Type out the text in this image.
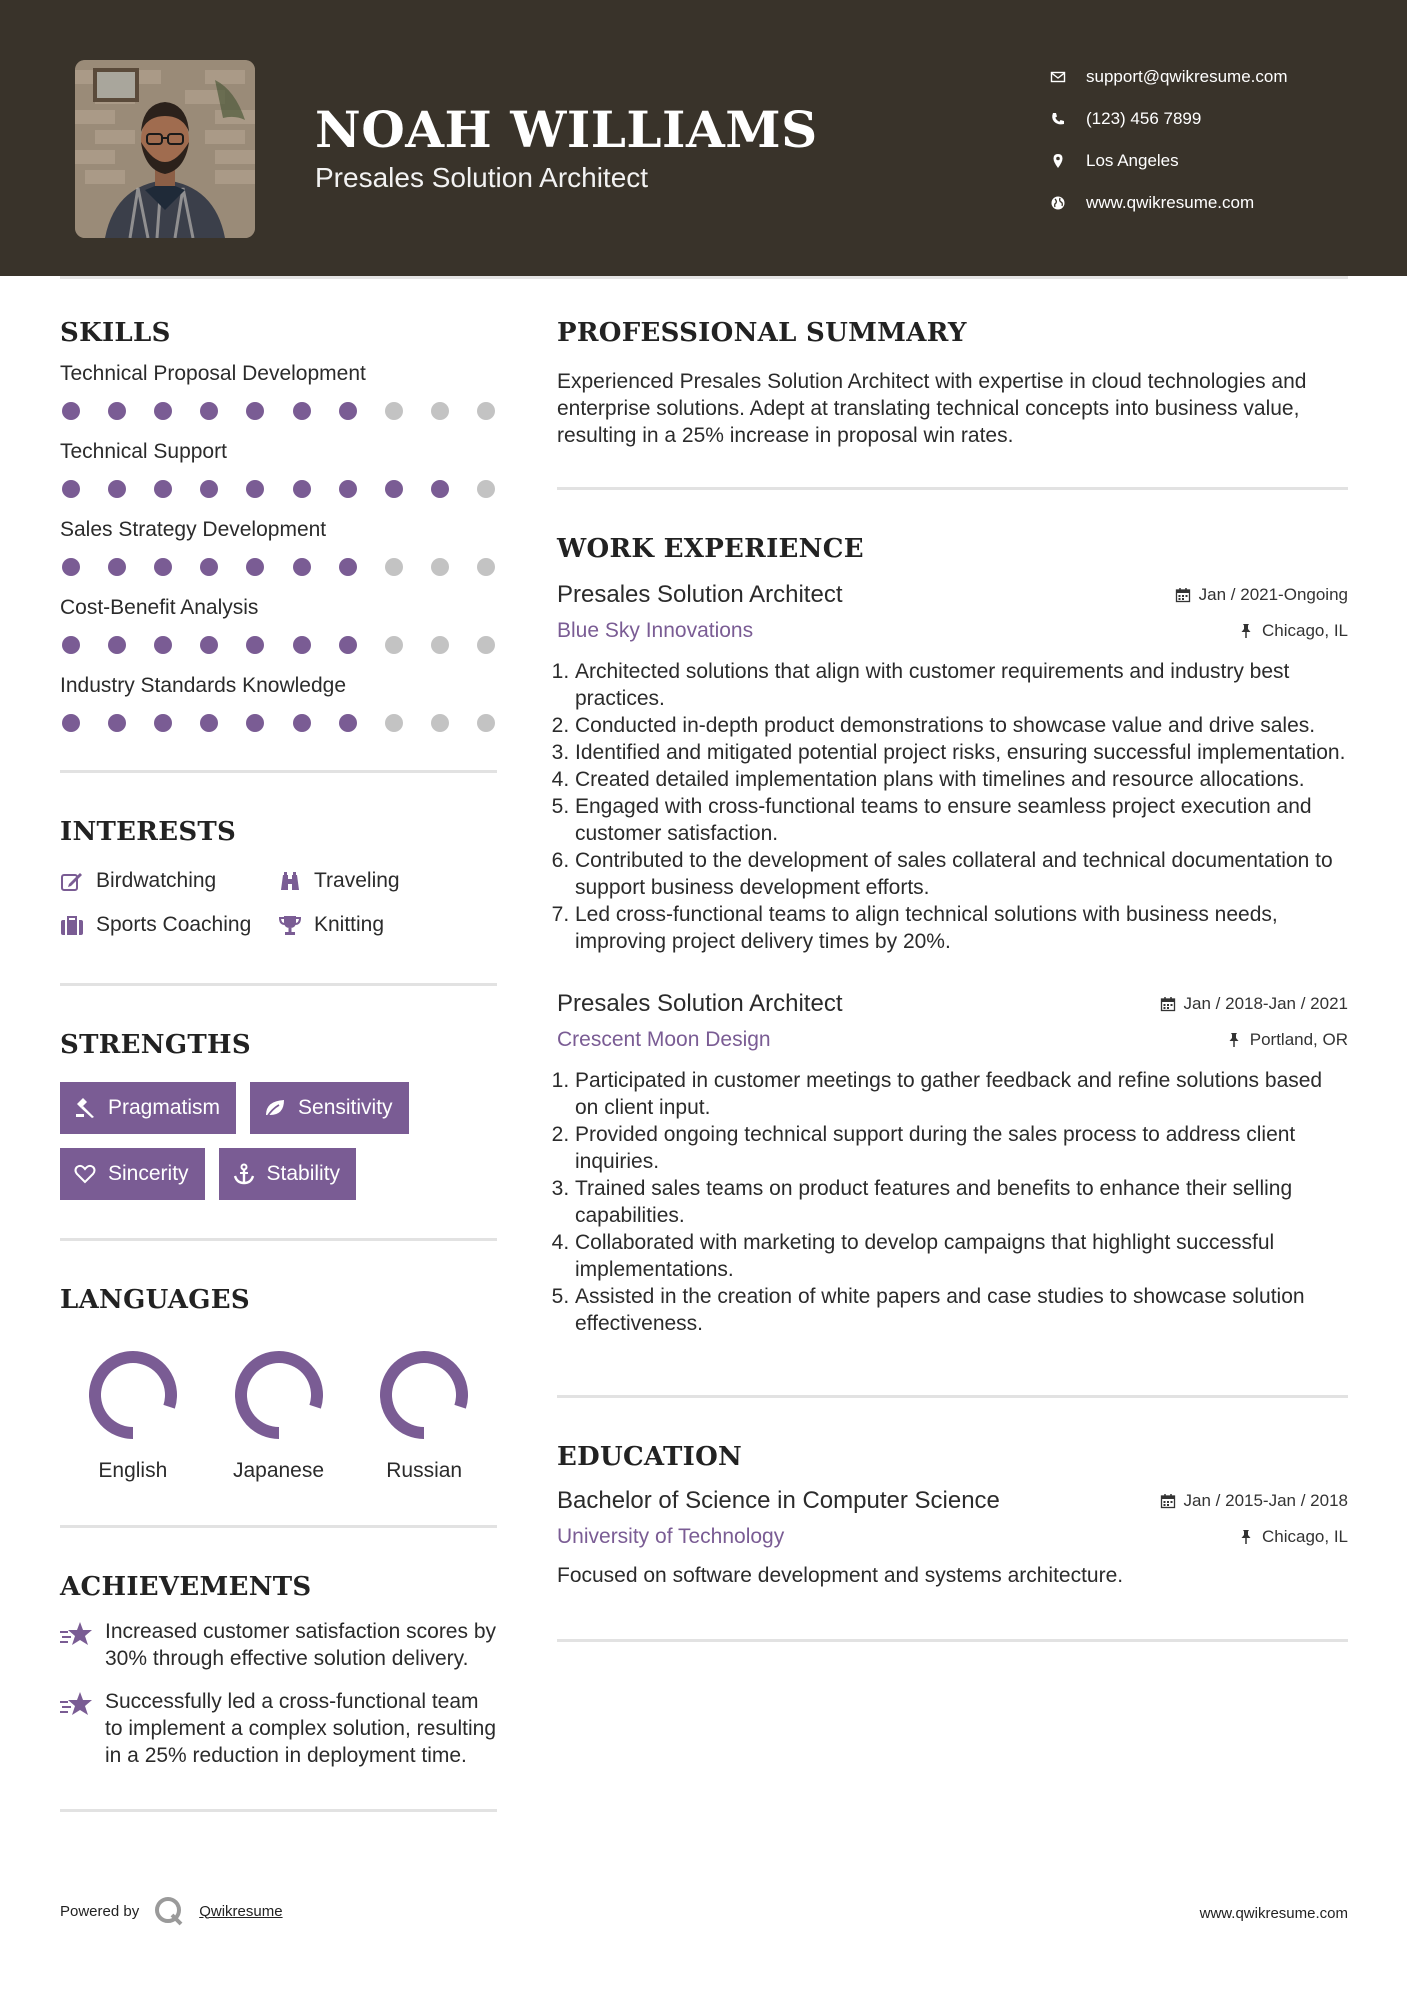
NOAH WILLIAMS
Presales Solution Architect
support@qwikresume.com
(123) 456 7899
Los Angeles
www.qwikresume.com
SKILLS
Technical Proposal Development
Technical Support
Sales Strategy Development
Cost-Benefit Analysis
Industry Standards Knowledge
INTERESTS
Birdwatching	Traveling
Sports Coaching	Knitting
STRENGTHS
Pragmatism	Sensitivity
Sincerity	Stability
LANGUAGES
English	Japanese	Russian
ACHIEVEMENTS
Increased customer satisfaction scores by 30% through effective solution delivery.
Successfully led a cross-functional team to implement a complex solution, resulting in a 25% reduction in deployment time.
PROFESSIONAL SUMMARY

Experienced Presales Solution Architect with expertise in cloud technologies and enterprise solutions. Adept at translating technical concepts into business value, resulting in a 25% increase in proposal win rates.

WORK EXPERIENCE
Presales Solution Architect	Jan / 2021-Ongoing
Blue Sky Innovations	Chicago, IL
1. Architected solutions that align with customer requirements and industry best practices.
2. Conducted in-depth product demonstrations to showcase value and drive sales.
3. Identified and mitigated potential project risks, ensuring successful implementation.
4. Created detailed implementation plans with timelines and resource allocations.
5. Engaged with cross-functional teams to ensure seamless project execution and customer satisfaction.
6. Contributed to the development of sales collateral and technical documentation to support business development efforts.
7. Led cross-functional teams to align technical solutions with business needs, improving project delivery times by 20%.
Presales Solution Architect	Jan / 2018-Jan / 2021
Crescent Moon Design	Portland, OR
1. Participated in customer meetings to gather feedback and refine solutions based on client input.
2. Provided ongoing technical support during the sales process to address client inquiries.
3. Trained sales teams on product features and benefits to enhance their selling capabilities.
4. Collaborated with marketing to develop campaigns that highlight successful implementations.
5. Assisted in the creation of white papers and case studies to showcase solution effectiveness.
EDUCATION
Bachelor of Science in Computer Science	Jan / 2015-Jan / 2018
University of Technology	Chicago, IL

Focused on software development and systems architecture.

Powered by	Qwikresume	www.qwikresume.com
